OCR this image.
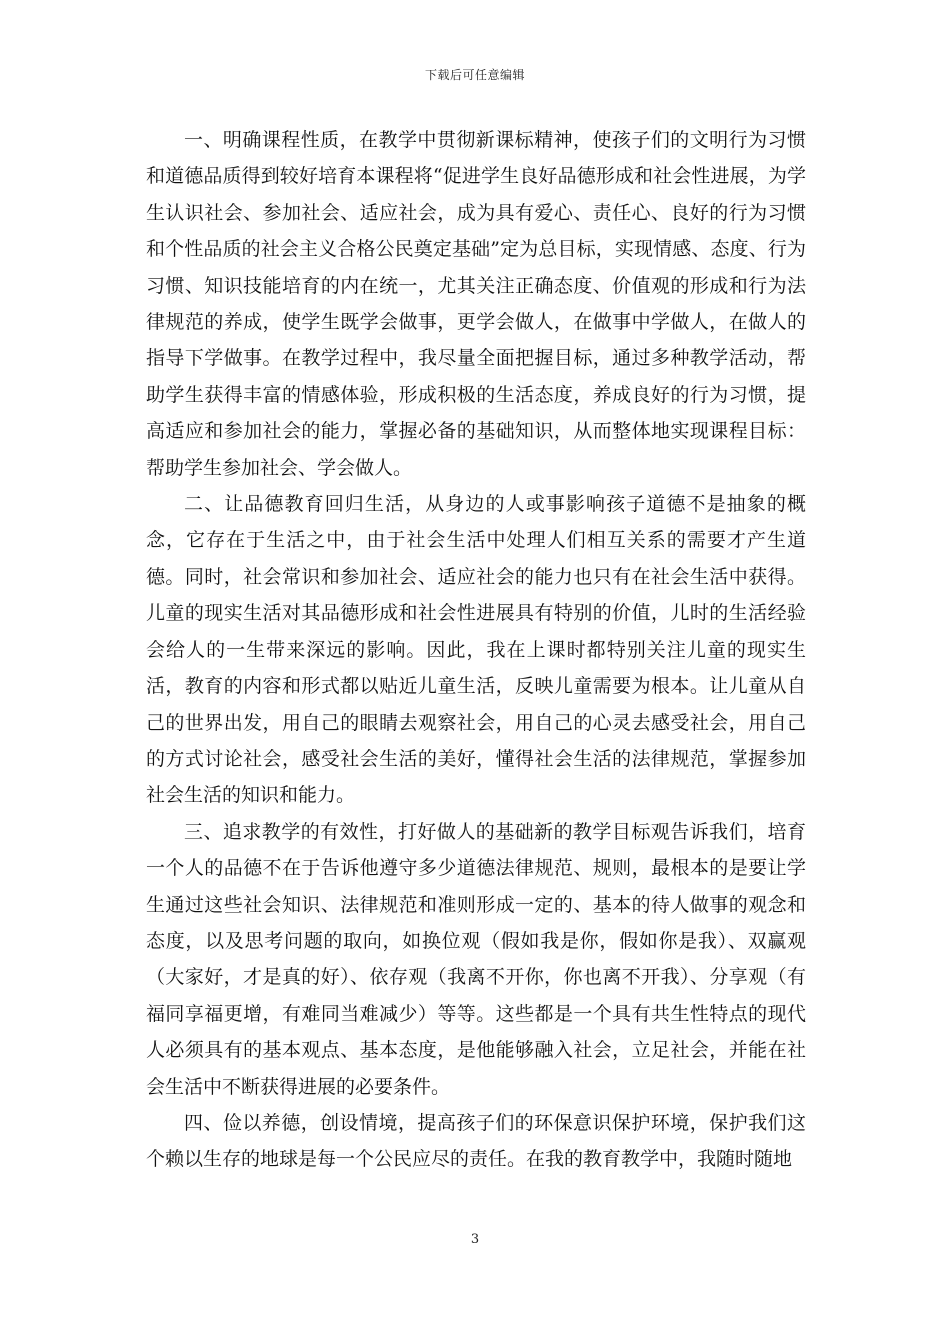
下载后可任意编辑

一、明确课程性质，在教学中贯彻新课标精神，使孩子们的文明行为习惯和道德品质得到较好培育本课程将“促进学生良好品德形成和社会性进展，为学生认识社会、参加社会、适应社会，成为具有爱心、责任心、良好的行为习惯和个性品质的社会主义合格公民奠定基础”定为总目标，实现情感、态度、行为习惯、知识技能培育的内在统一，尤其关注正确态度、价值观的形成和行为法律规范的养成，使学生既学会做事，更学会做人，在做事中学做人，在做人的指导下学做事。在教学过程中，我尽量全面把握目标，通过多种教学活动，帮助学生获得丰富的情感体验，形成积极的生活态度，养成良好的行为习惯，提高适应和参加社会的能力，掌握必备的基础知识，从而整体地实现课程目标：帮助学生参加社会、学会做人。

二、让品德教育回归生活，从身边的人或事影响孩子道德不是抽象的概念，它存在于生活之中，由于社会生活中处理人们相互关系的需要才产生道德。同时，社会常识和参加社会、适应社会的能力也只有在社会生活中获得。儿童的现实生活对其品德形成和社会性进展具有特别的价值，儿时的生活经验会给人的一生带来深远的影响。因此，我在上课时都特别关注儿童的现实生活，教育的内容和形式都以贴近儿童生活，反映儿童需要为根本。让儿童从自己的世界出发，用自己的眼睛去观察社会，用自己的心灵去感受社会，用自己的方式讨论社会，感受社会生活的美好，懂得社会生活的法律规范，掌握参加社会生活的知识和能力。

三、追求教学的有效性，打好做人的基础新的教学目标观告诉我们，培育一个人的品德不在于告诉他遵守多少道德法律规范、规则，最根本的是要让学生通过这些社会知识、法律规范和准则形成一定的、基本的待人做事的观念和态度，以及思考问题的取向，如换位观（假如我是你，假如你是我）、双赢观（大家好，才是真的好）、依存观（我离不开你，你也离不开我）、分享观（有福同享福更增，有难同当难减少）等等。这些都是一个具有共生性特点的现代人必须具有的基本观点、基本态度，是他能够融入社会，立足社会，并能在社会生活中不断获得进展的必要条件。

四、俭以养德，创设情境，提高孩子们的环保意识保护环境，保护我们这个赖以生存的地球是每一个公民应尽的责任。在我的教育教学中，我随时随地

3
